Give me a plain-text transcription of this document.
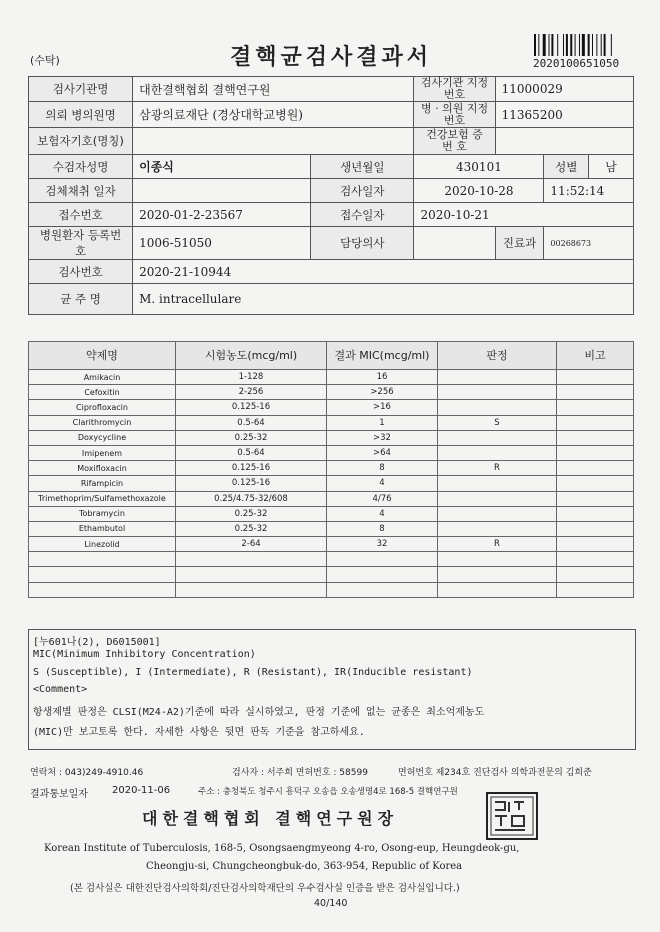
(수탁)	결핵균검사결과서	2020100651050
검사기관명	대한결핵협회 결핵연구원		검사기관 지정번호	11000029		
의뢰 병의원명	삼광의료재단 (경상대학교병원)		병 · 의원 지정번호	11365200		
보험자기호(명칭)			건강보험 증 번 호			
수검자성명	이종식	생년월일	430101		성별	남
검체채취 일자		검사일자	2020-10-28		11:52:14	
접수번호	2020-01-2-23567	접수일자	2020-10-21			
병원환자 등록번호	1006-51050	담당의사		진료과	00268673	
검사번호	2020-21-10944					
균 주 명	M. intracellulare					
약제명	시험농도(mcg/ml)	결과 MIC(mcg/ml)	판정	비고
Amikacin	1-128	16		
Cefoxitin	2-256	>256		
Ciprofloxacin	0.125-16	>16		
Clarithromycin	0.5-64	1	S	
Doxycycline	0.25-32	>32		
Imipenem	0.5-64	>64		
Moxifloxacin	0.125-16	8	R	
Rifampicin	0.125-16	4		
Trimethoprim/Sulfamethoxazole	0.25/4.75-32/608	4/76		
Tobramycin	0.25-32	4		
Ethambutol	0.25-32	8		
Linezolid	2-64	32	R	

[누601나(2), D6015001]
MIC(Minimum Inhibitory Concentration)
S (Susceptible), I (Intermediate), R (Resistant), IR(Inducible resistant)
<Comment>
항생제별 판정은 CLSI(M24-A2)기준에 따라 실시하였고, 판정 기준에 없는 균종은 최소억제농도
(MIC)만 보고토록 한다. 자세한 사항은 뒷면 판독 기준을 참고하세요.
연락처 : 043)249-4910.46	검사자 : 서주희 면허번호 : 58599	면허번호 제234호 진단검사 의학과전문의 김희준
결과통보일자 2020-11-06	주소 : 충청북도 청주시 흥덕구 오송읍 오송생명4로 168-5 결핵연구원
대한결핵협회 결핵연구원장
Korean Institute of Tuberculosis, 168-5, Osongsaengmyeong 4-ro, Osong-eup, Heungdeok-gu,
Cheongju-si, Chungcheongbuk-do, 363-954, Republic of Korea
(본 검사실은 대한진단검사의학회/진단검사의학재단의 우수검사실 인증을 받은 검사실입니다.)
40/140
